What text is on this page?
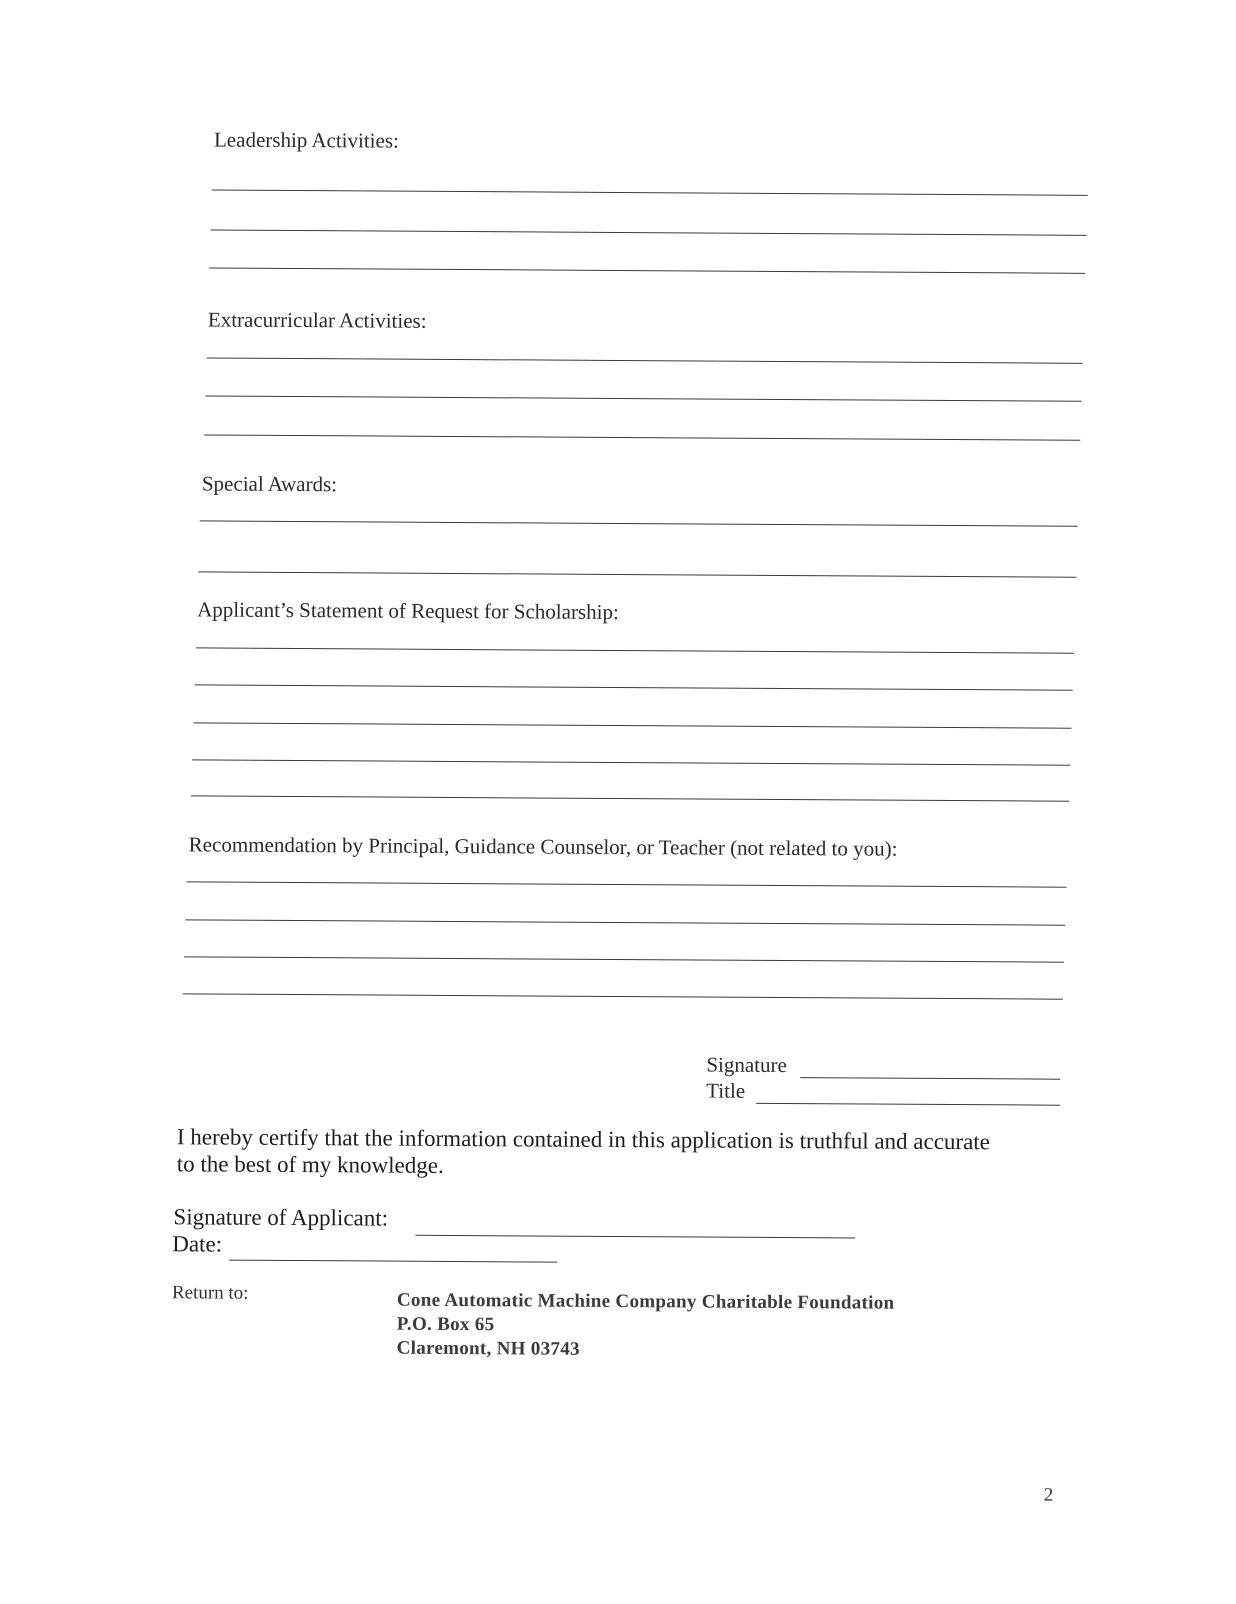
Leadership Activities:
Extracurricular Activities:
Special Awards:
Applicant’s Statement of Request for Scholarship:
Recommendation by Principal, Guidance Counselor, or Teacher (not related to you):
Signature
Title
I hereby certify that the information contained in this application is truthful and accurate
to the best of my knowledge.
Signature of Applicant:
Date:
Return to:	Cone Automatic Machine Company Charitable Foundation
P.O. Box 65
Claremont, NH 03743
2
